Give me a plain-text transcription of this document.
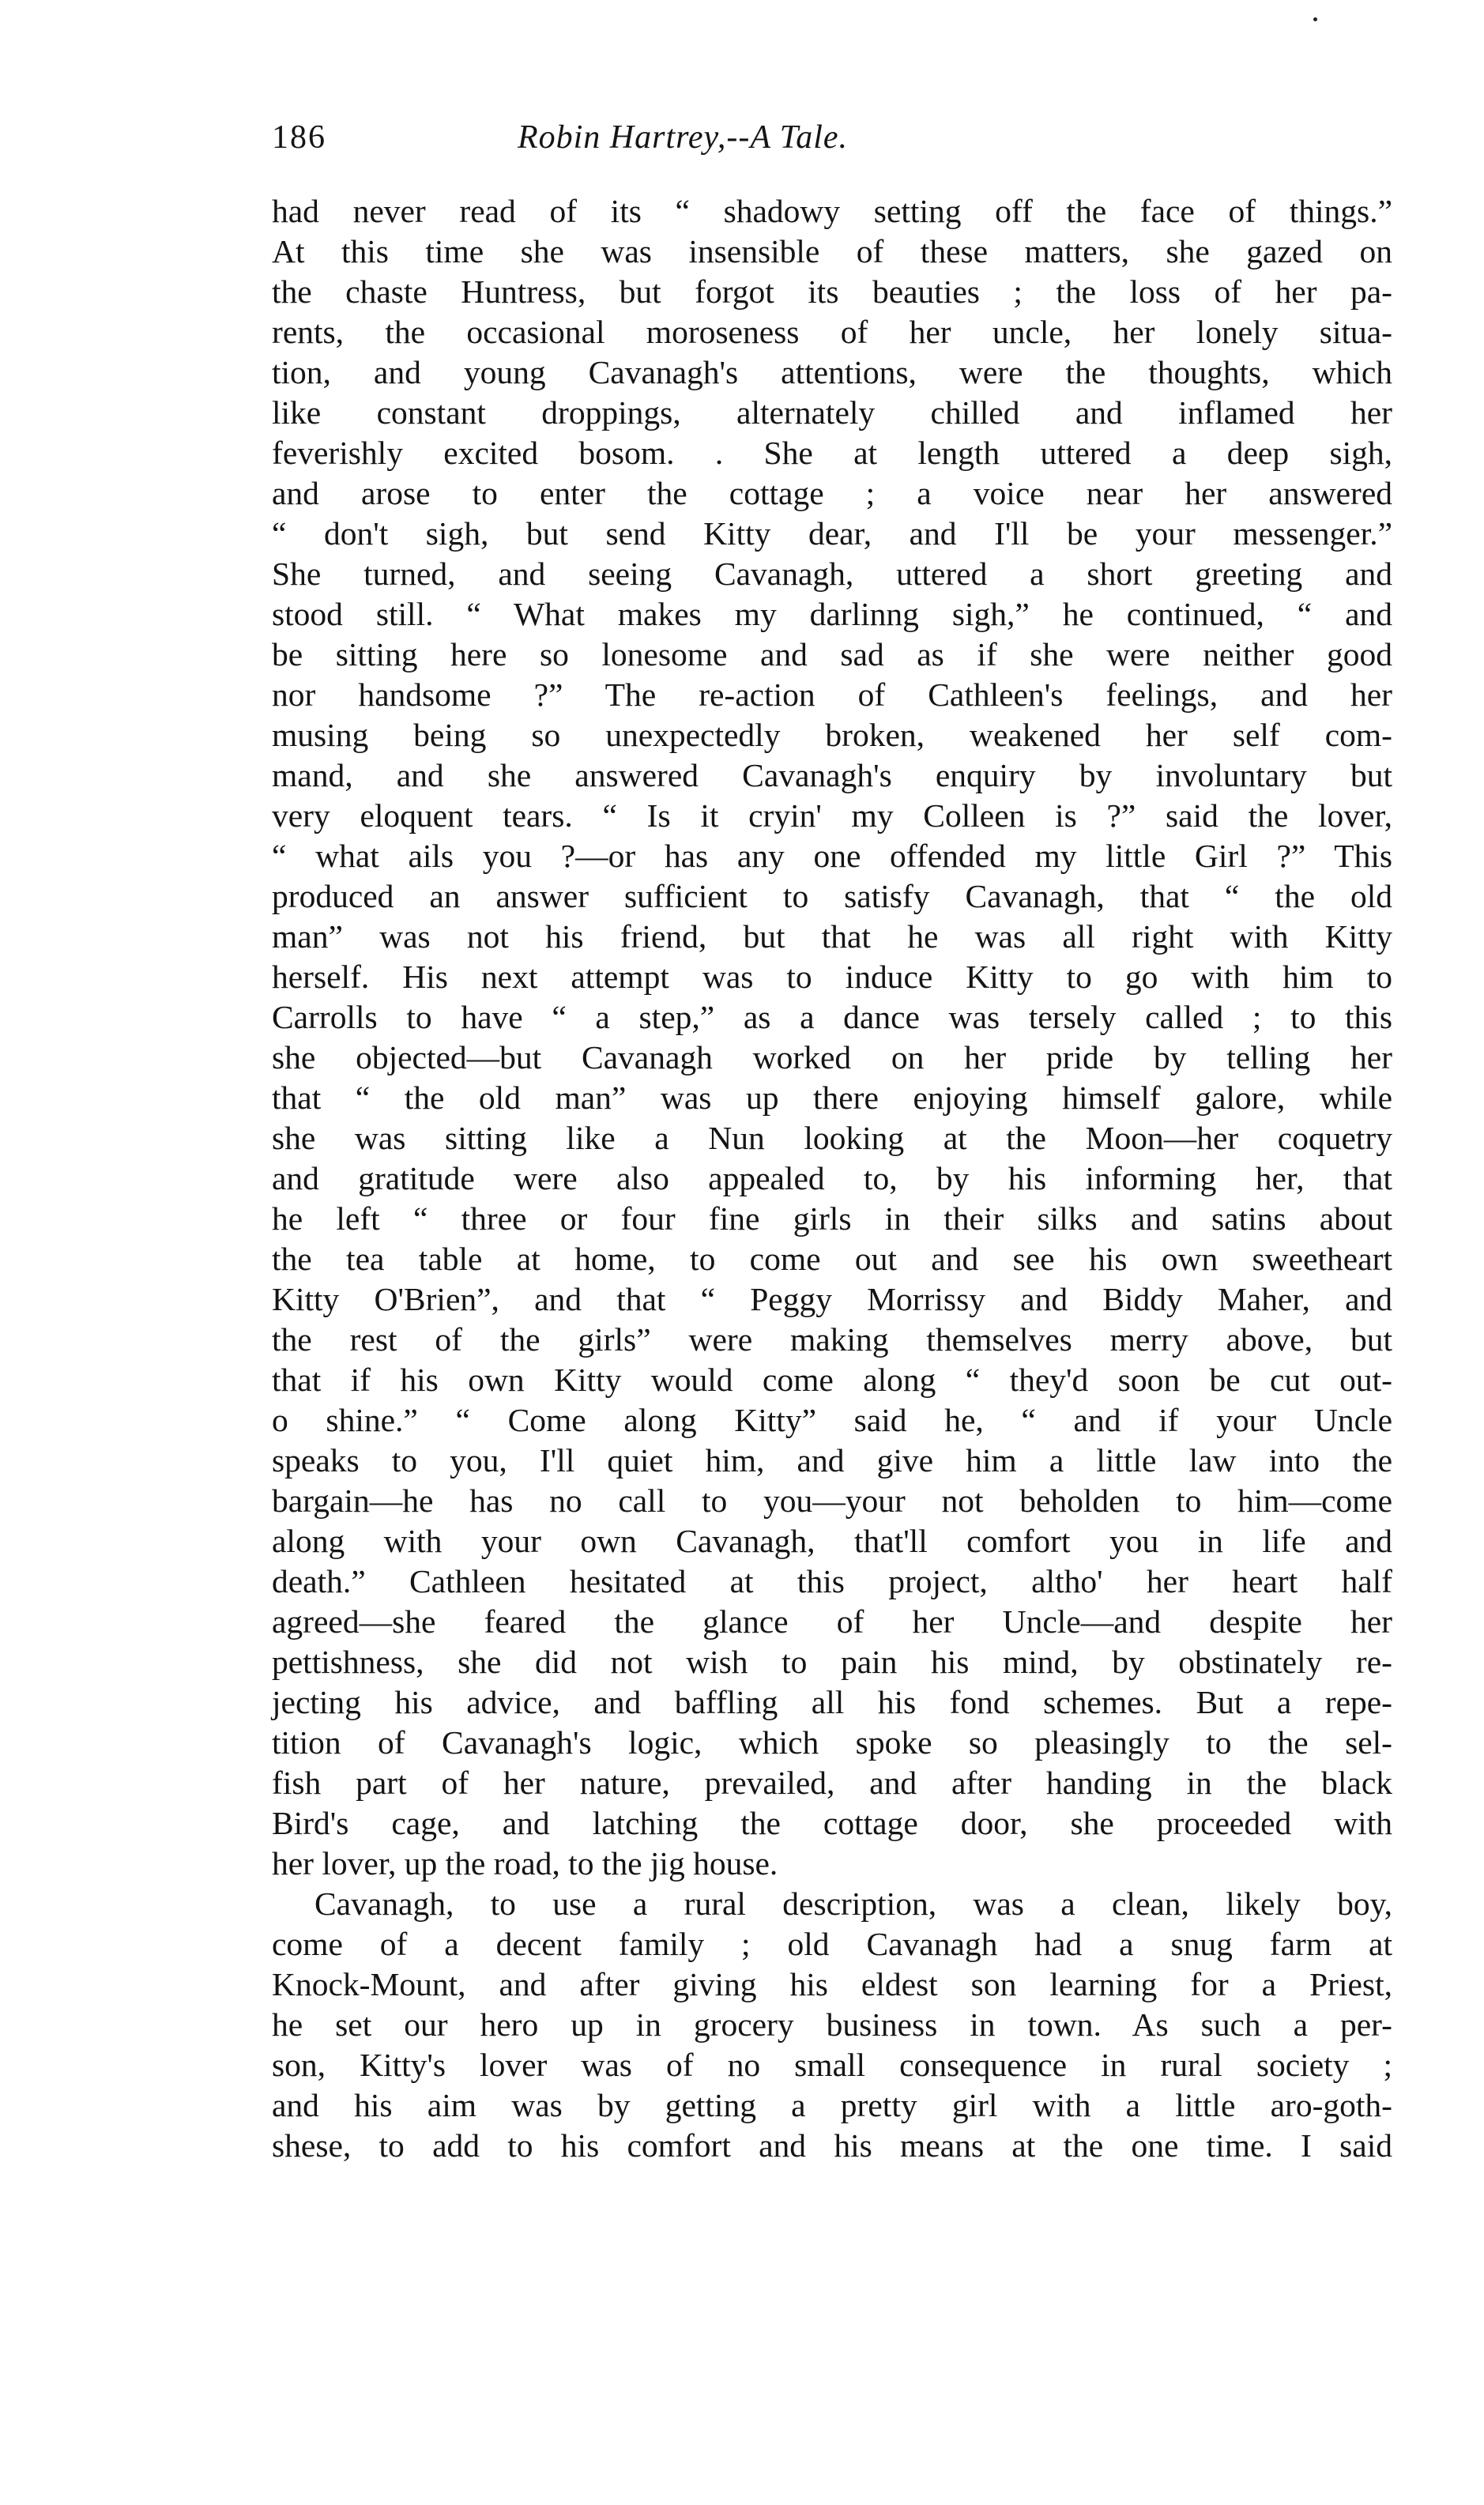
186	Robin Hartrey,--A Tale.
had never read of its “ shadowy setting off the face of things.”
At this time she was insensible of these matters, she gazed on
the chaste Huntress, but forgot its beauties ; the loss of her pa-
rents, the occasional moroseness of her uncle, her lonely situa-
tion, and young Cavanagh's attentions, were the thoughts, which
like constant droppings, alternately chilled and inflamed her
feverishly excited bosom. . She at length uttered a deep sigh,
and arose to enter the cottage ; a voice near her answered
“ don't sigh, but send Kitty dear, and I'll be your messenger.”
She turned, and seeing Cavanagh, uttered a short greeting and
stood still. “ What makes my darlinng sigh,” he continued, “ and
be sitting here so lonesome and sad as if she were neither good
nor handsome ?” The re-action of Cathleen's feelings, and her
musing being so unexpectedly broken, weakened her self com-
mand, and she answered Cavanagh's enquiry by involuntary but
very eloquent tears. “ Is it cryin' my Colleen is ?” said the lover,
“ what ails you ?—or has any one offended my little Girl ?” This
produced an answer sufficient to satisfy Cavanagh, that “ the old
man” was not his friend, but that he was all right with Kitty
herself. His next attempt was to induce Kitty to go with him to
Carrolls to have “ a step,” as a dance was tersely called ; to this
she objected—but Cavanagh worked on her pride by telling her
that “ the old man” was up there enjoying himself galore, while
she was sitting like a Nun looking at the Moon—her coquetry
and gratitude were also appealed to, by his informing her, that
he left “ three or four fine girls in their silks and satins about
the tea table at home, to come out and see his own sweetheart
Kitty O'Brien”, and that “ Peggy Morrissy and Biddy Maher, and
the rest of the girls” were making themselves merry above, but
that if his own Kitty would come along “ they'd soon be cut out-
o shine.” “ Come along Kitty” said he, “ and if your Uncle
speaks to you, I'll quiet him, and give him a little law into the
bargain—he has no call to you—your not beholden to him—come
along with your own Cavanagh, that'll comfort you in life and
death.” Cathleen hesitated at this project, altho' her heart half
agreed—she feared the glance of her Uncle—and despite her
pettishness, she did not wish to pain his mind, by obstinately re-
jecting his advice, and baffling all his fond schemes. But a repe-
tition of Cavanagh's logic, which spoke so pleasingly to the sel-
fish part of her nature, prevailed, and after handing in the black
Bird's cage, and latching the cottage door, she proceeded with
her lover, up the road, to the jig house.
Cavanagh, to use a rural description, was a clean, likely boy,
come of a decent family ; old Cavanagh had a snug farm at
Knock-Mount, and after giving his eldest son learning for a Priest,
he set our hero up in grocery business in town. As such a per-
son, Kitty's lover was of no small consequence in rural society ;
and his aim was by getting a pretty girl with a little aro-goth-
shese, to add to his comfort and his means at the one time. I said
